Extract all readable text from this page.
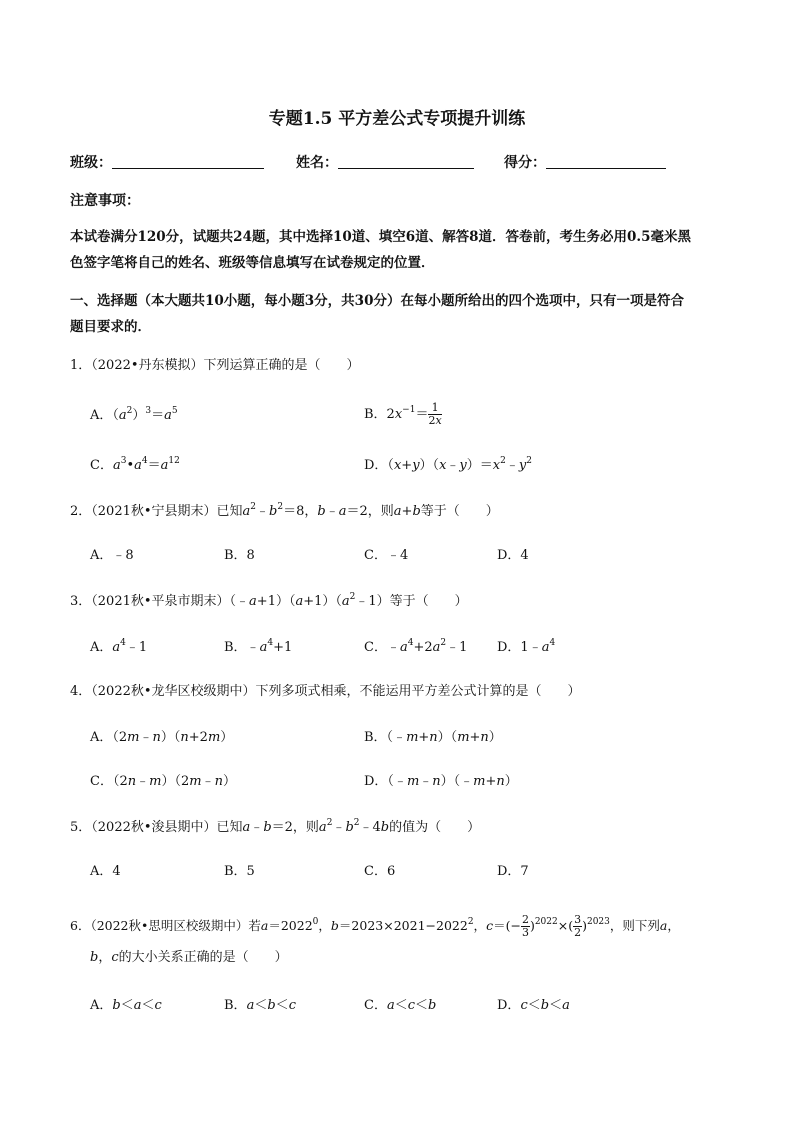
专题1.5 平方差公式专项提升训练
班级：	姓名：	得分：
注意事项：
本试卷满分120分，试题共24题，其中选择10道、填空6道、解答8道．答卷前，考生务必用0.5毫米黑
色签字笔将自己的姓名、班级等信息填写在试卷规定的位置．
一、选择题（本大题共10小题，每小题3分，共30分）在每小题所给出的四个选项中，只有一项是符合
题目要求的．
1．（2022•丹东模拟）下列运算正确的是（　　）
A．$(a^2)^3=a^5$	B．$2x^{-1}= \frac{1}{2x}$
C．$a^3•a^4=a^{12}$	D．$(x+y)(x﹣y)=x^2﹣y^2$
2．（2021秋•宁县期末）已知$a^2﹣b^2=8$，b﹣a＝2，则a+b等于（　　）
A．﹣8	B．8	C．﹣4	D．4
3．（2021秋•平泉市期末）$(﹣a+1)(a+1)(a^2﹣1)$等于（　　）
A．$a^4﹣1$	B．$﹣a^4+1$	C．$﹣a^4+2a^2﹣1$ D．$1﹣a^4$
4．（2022秋•龙华区校级期中）下列多项式相乘，不能运用平方差公式计算的是（　　）
A．（2m﹣n）（n+2m）	B．（﹣m+n）（m+n）
C．（2n﹣m）（2m﹣n）	D．（﹣m﹣n）（﹣m+n）
5．（2022秋•浚县期中）已知a﹣b＝2，则$a^2﹣b^2﹣4b$的值为（　　）
A．4	B．5	C．6	D．7
6．（2022秋•思明区校级期中）若$a=2022^0$，$b=2023\times 2021-2022^2$，$c=(- \frac{2}{3} )^{2022}\times( \frac{3}{2} )^{2023}$，则下列a，
b，c的大小关系正确的是（　　）
A．b＜a＜c	B．a＜b＜c	C．a＜c＜b	D．c＜b＜a
